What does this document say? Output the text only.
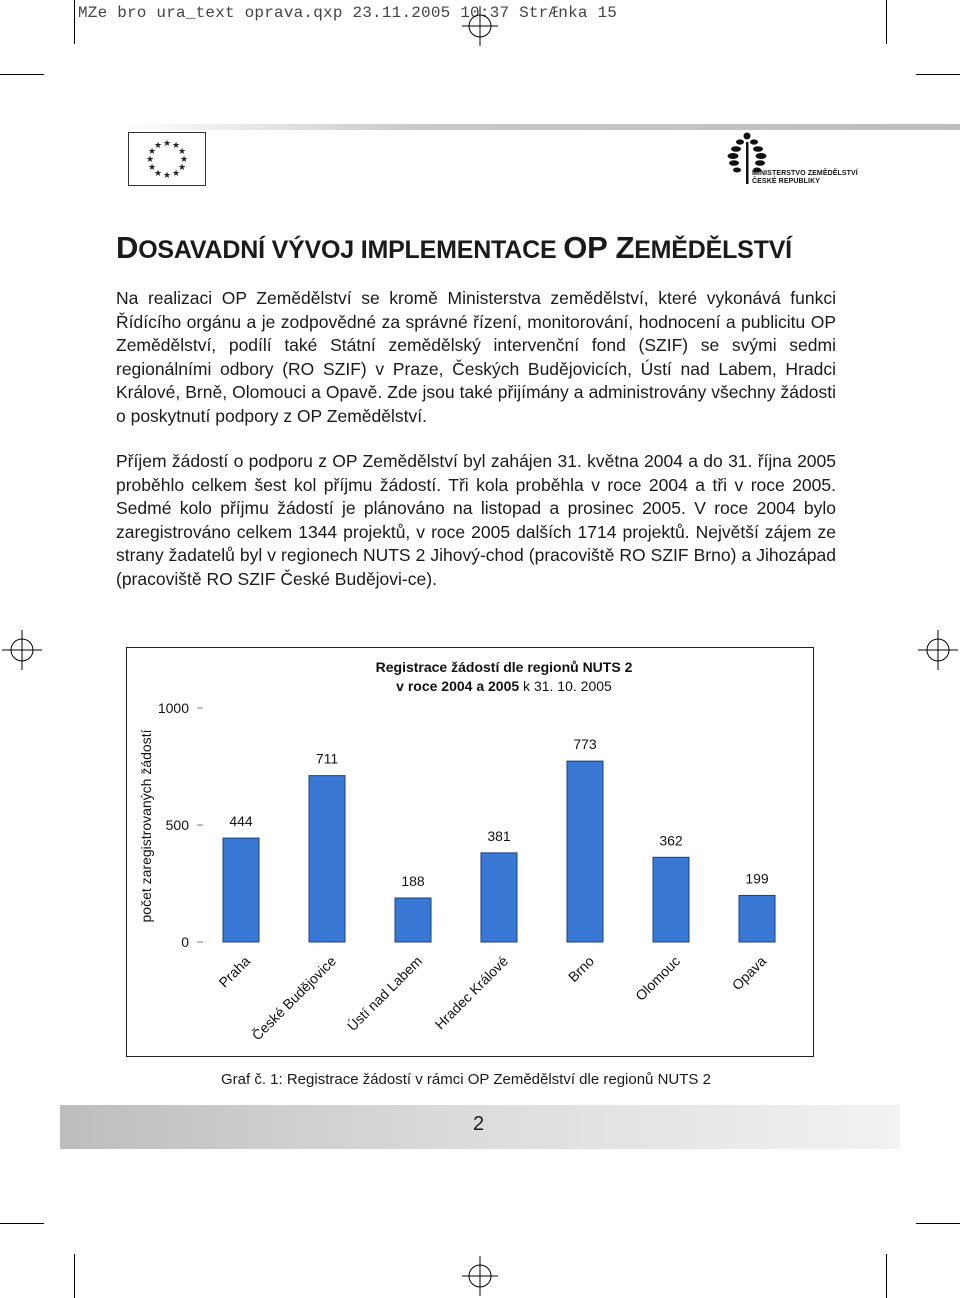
MZe bro ura_text oprava.qxp 23.11.2005 10:37 StrÆnka 15
★ ★
★
★
★
★
★
★
★
★
★
★
MINISTERSTVO ZEMĚDĚLSTVÍ
ČESKÉ REPUBLIKY
DOSAVADNÍ VÝVOJ IMPLEMENTACE OP ZEMĚDĚLSTVÍ

Na realizaci OP Zemědělství se kromě Ministerstva zemědělství, které vykonává funkci Řídícího orgánu a je zodpovědné za správné řízení, monitorování, hodnocení a publicitu OP Zemědělství, podílí také Státní zemědělský intervenční fond (SZIF) se svými sedmi regionálními odbory (RO SZIF) v Praze, Českých Budějovicích, Ústí nad Labem, Hradci Králové, Brně, Olomouci a Opavě. Zde jsou také přijímány a administrovány všechny žádosti o poskytnutí podpory z OP Zemědělství.

Příjem žádostí o podporu z OP Zemědělství byl zahájen 31. května 2004 a do 31. října 2005 proběhlo celkem šest kol příjmu žádostí. Tři kola proběhla v roce 2004 a tři v roce 2005. Sedmé kolo příjmu žádostí je plánováno na listopad a prosinec 2005. V roce 2004 bylo zaregistrováno celkem 1344 projektů, v roce 2005 dalších 1714 projektů. Největší zájem ze strany žadatelů byl v regionech NUTS 2 Jihový-chod (pracoviště RO SZIF Brno) a Jihozápad (pracoviště RO SZIF České Budějovi-ce).

Registrace žádostí dle regionů NUTS 2
v roce 2004 a 2005 k 31. 10. 2005
počet zaregistrovaných žádostí
0
500
1000
444
Praha
711
České Budějovice
188
Ústí nad Labem
381
Hradec Králové
773
Brno
362
Olomouc
199
Opava
Graf č. 1: Registrace žádostí v rámci OP Zemědělství dle regionů NUTS 2
2
